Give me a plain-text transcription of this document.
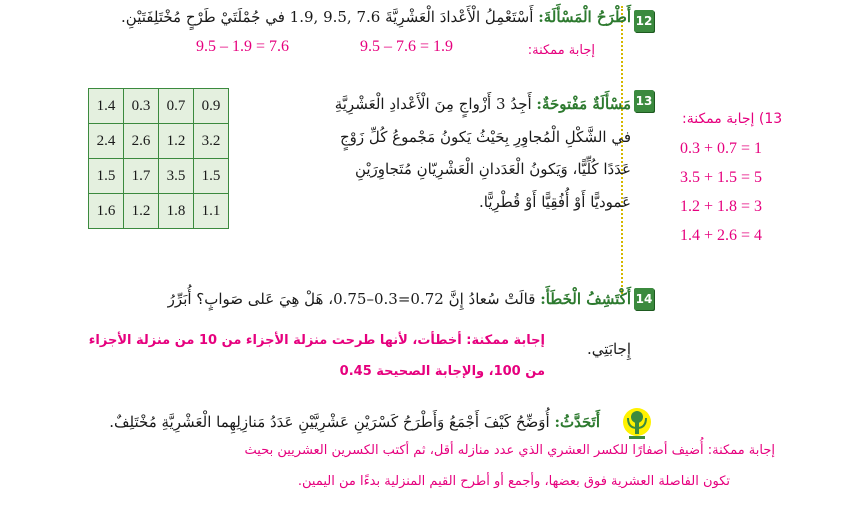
12
أَطْرَحُ الْمَسْأَلَةَ: أَسْتَعْمِلُ الْأَعْدادَ الْعَشْرِيَّةَ 7.6 ,9.5 ,1.9 في جُمْلَتَيْ طَرْحٍ مُخْتَلِفَتَيْنِ.
إجابة ممكنة:
9.5 – 7.6 = 1.9
9.5 – 1.9 = 7.6
13
مَسْأَلَةٌ مَفْتوحَةٌ: أَجِدُ 3 أَزْواجٍ مِنَ الْأَعْدادِ الْعَشْرِيَّةِ
في الشَّكْلِ الْمُجاوِرِ بِحَيْثُ يَكونُ مَجْموعُ كُلِّ زَوْجٍ
عَدَدًا كُلِّيًّا، وَيَكونُ الْعَدَدانِ الْعَشْرِيّانِ مُتَجاوِرَيْنِ
عَموديًّا أَوْ أُفُقِيًّا أَوْ قُطْرِيًّا.
1.4	0.3	0.7	0.9
2.4	2.6	1.2	3.2
1.5	1.7	3.5	1.5
1.6	1.2	1.8	1.1
13) إجابة ممكنة:
0.3 + 0.7 = 1
3.5 + 1.5 = 5
1.2 + 1.8 = 3
1.4 + 2.6 = 4
14
أَكْتَشِفُ الْخَطَأَ: قالَتْ سُعادُ إِنَّ 0.72=0.3–0.75، هَلْ هِيَ عَلى صَوابٍ؟ أُبَرِّرُ
إِجابَتِي.
إجابة ممكنة: أخطأت، لأنها طرحت منزلة الأجزاء من 10 من منزلة الأجزاء
من 100، والإجابة الصحيحة 0.45
أَتَحَدَّثُ: أُوَضِّحُ كَيْفَ أَجْمَعُ وَأَطْرَحُ كَسْرَيْنِ عَشْرِيَّيْنِ عَدَدُ مَنازِلِهِما الْعَشْرِيَّةِ مُخْتَلِفٌ.
إجابة ممكنة: أُضيف أصفارًا للكسر العشري الذي عدد منازله أقل، ثم أكتب الكسرين العشريين بحيث
تكون الفاصلة العشرية فوق بعضها، وأجمع أو أطرح القيم المنزلية بدءًا من اليمين.
